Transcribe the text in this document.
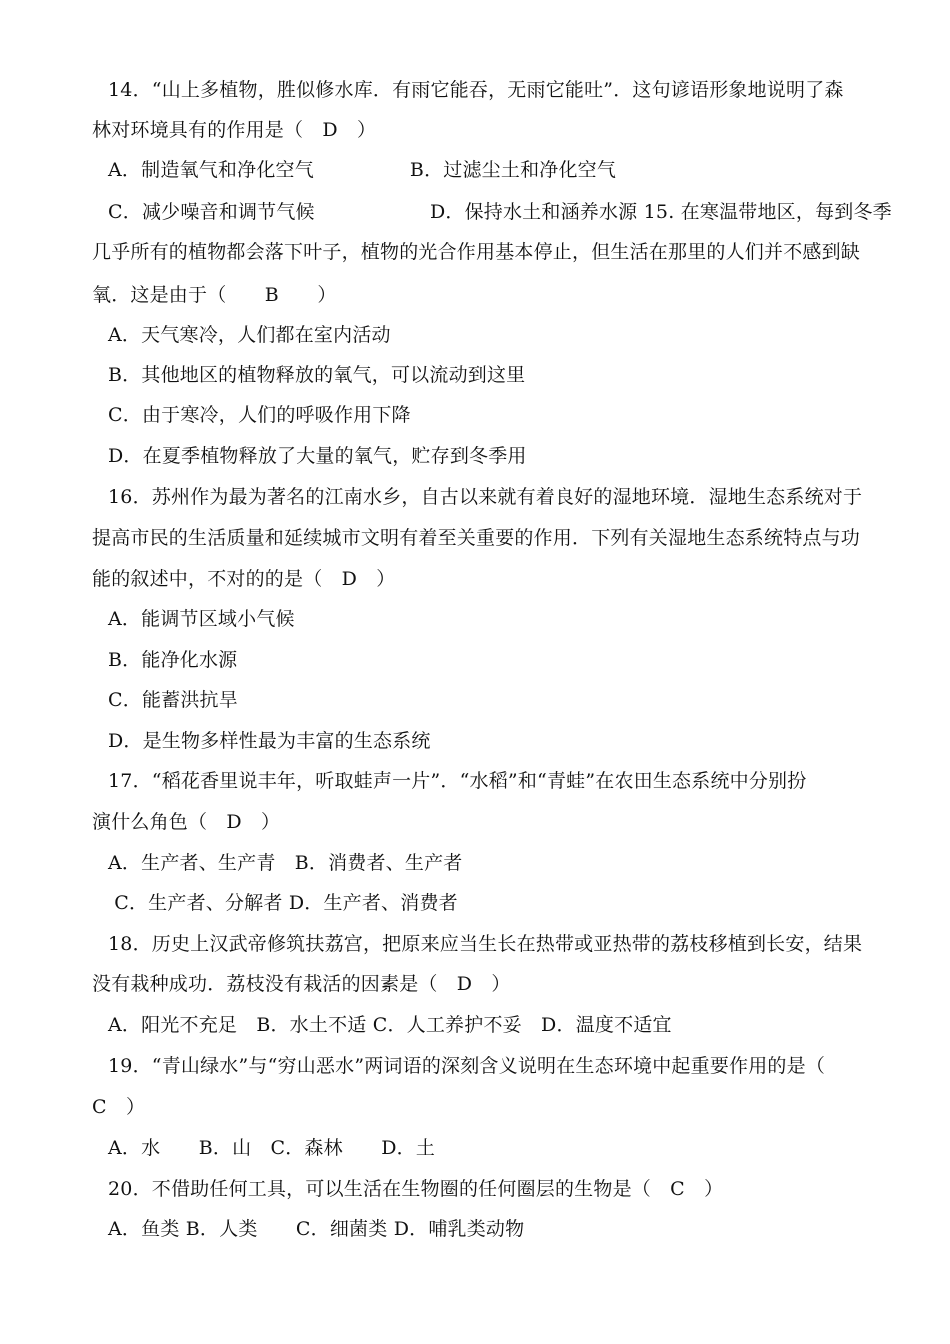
14．“山上多植物，胜似修水库．有雨它能吞，无雨它能吐”．这句谚语形象地说明了森
林对环境具有的作用是（　D　）
A．制造氧气和净化空气　　　　　B．过滤尘土和净化空气
C．减少噪音和调节气候　　　　　　D．保持水土和涵养水源 15. 在寒温带地区，每到冬季
几乎所有的植物都会落下叶子，植物的光合作用基本停止，但生活在那里的人们并不感到缺
氧．这是由于（　　B　　）
A．天气寒冷，人们都在室内活动
B．其他地区的植物释放的氧气，可以流动到这里
C．由于寒冷，人们的呼吸作用下降
D．在夏季植物释放了大量的氧气，贮存到冬季用
16．苏州作为最为著名的江南水乡，自古以来就有着良好的湿地环境．湿地生态系统对于
提高市民的生活质量和延续城市文明有着至关重要的作用．下列有关湿地生态系统特点与功
能的叙述中，不对的的是（　D　）
A．能调节区域小气候
B．能净化水源
C．能蓄洪抗旱
D．是生物多样性最为丰富的生态系统
17．“稻花香里说丰年，听取蛙声一片”．“水稻”和“青蛙”在农田生态系统中分别扮
演什么角色（　D　）
A．生产者、生产青　B．消费者、生产者
C．生产者、分解者 D．生产者、消费者
18．历史上汉武帝修筑扶荔宫，把原来应当生长在热带或亚热带的荔枝移植到长安，结果
没有栽种成功．荔枝没有栽活的因素是（　D　）
A．阳光不充足　B．水土不适 C．人工养护不妥　D．温度不适宜
19．“青山绿水”与“穷山恶水”两词语的深刻含义说明在生态环境中起重要作用的是（
C　）
A．水　　B．山　C．森林　　D．土
20．不借助任何工具，可以生活在生物圈的任何圈层的生物是（　C　）
A．鱼类 B．人类　　C．细菌类 D．哺乳类动物
